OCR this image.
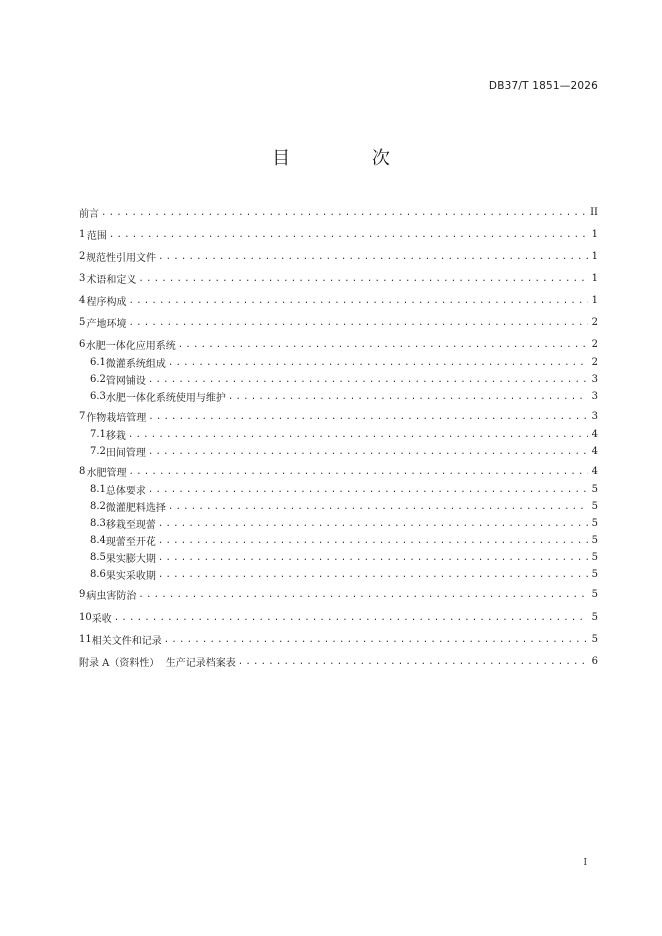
DB37/T 1851—2026
目 次
前言 .....	II
1 范围 .....	1
2 规范性引用文件 .....	1
3 术语和定义 .....	1
4 程序构成 .....	1
5 产地环境 .....	2
6 水肥一体化应用系统 .....	2
6.1 微灌系统组成 .....	2
6.2 管网铺设 .....	3
6.3 水肥一体化系统使用与维护 .....	3
7 作物栽培管理 .....	3
7.1 移栽 .....	4
7.2 田间管理 .....	4
8 水肥管理 .....	4
8.1 总体要求 .....	5
8.2 微灌肥料选择 .....	5
8.3 移栽至现蕾 .....	5
8.4 现蕾至开花 .....	5
8.5 果实膨大期 .....	5
8.6 果实采收期 .....	5
9 病虫害防治 .....	5
10 采收 .....	5
11 相关文件和记录 .....	5
附录 A（资料性）  生产记录档案表 .....	6
I
